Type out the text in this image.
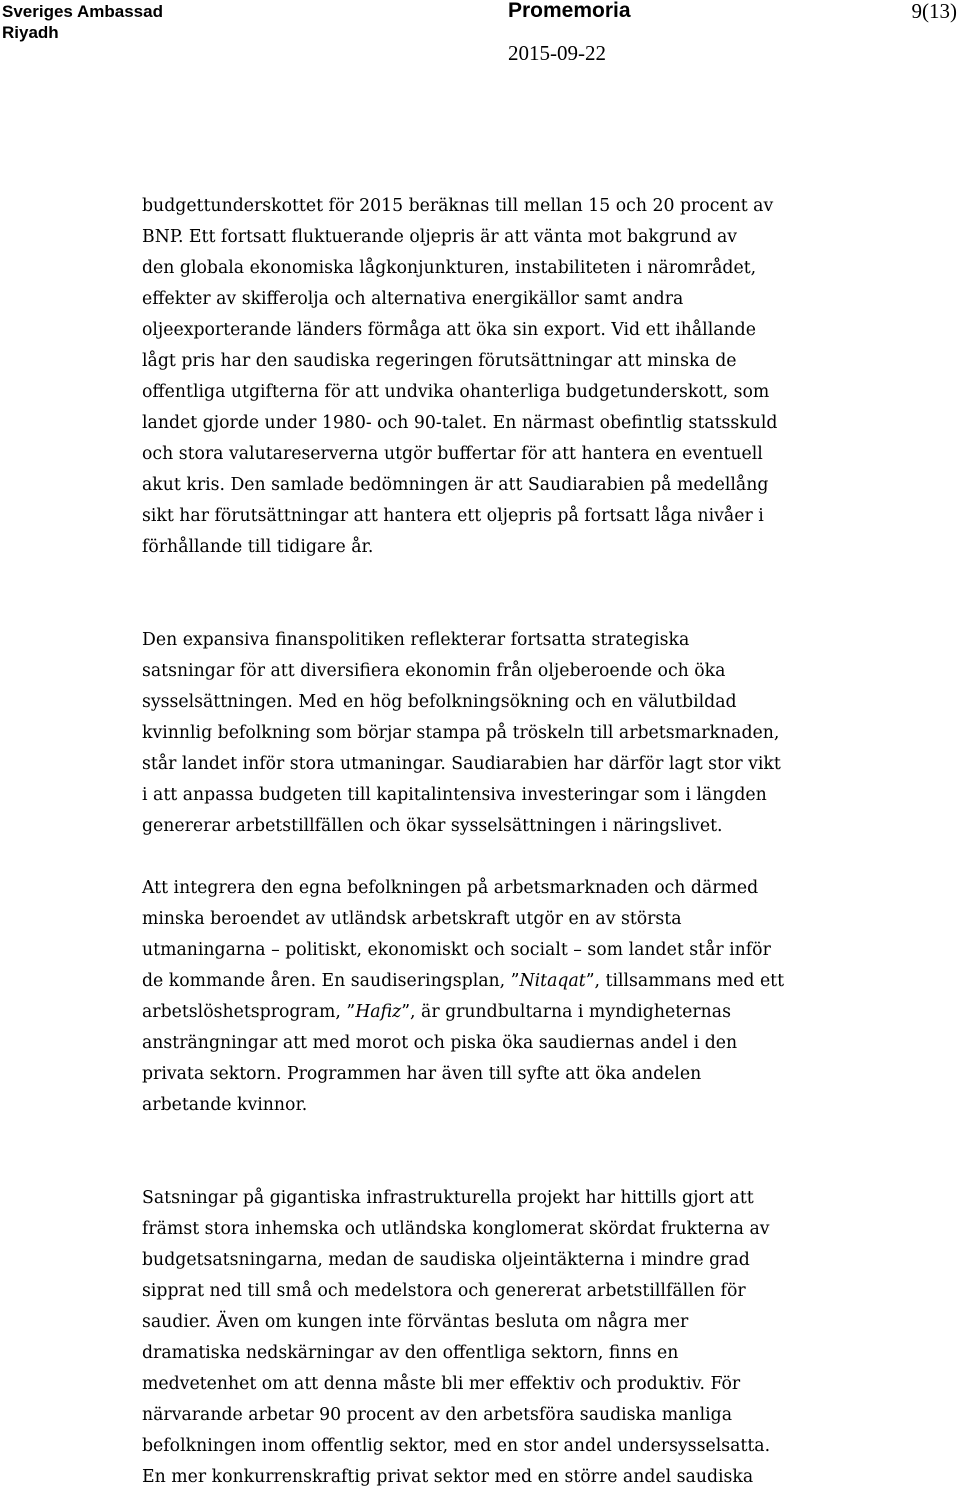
Sveriges Ambassad
Riyadh
Promemoria
2015-09-22
9(13)

budgettunderskottet för 2015 beräknas till mellan 15 och 20 procent av
BNP. Ett fortsatt fluktuerande oljepris är att vänta mot bakgrund av
den globala ekonomiska lågkonjunkturen, instabiliteten i närområdet,
effekter av skifferolja och alternativa energikällor samt andra
oljeexporterande länders förmåga att öka sin export. Vid ett ihållande
lågt pris har den saudiska regeringen förutsättningar att minska de
offentliga utgifterna för att undvika ohanterliga budgetunderskott, som
landet gjorde under 1980- och 90-talet. En närmast obefintlig statsskuld
och stora valutareserverna utgör buffertar för att hantera en eventuell
akut kris. Den samlade bedömningen är att Saudiarabien på medellång
sikt har förutsättningar att hantera ett oljepris på fortsatt låga nivåer i
förhållande till tidigare år.

Den expansiva finanspolitiken reflekterar fortsatta strategiska
satsningar för att diversifiera ekonomin från oljeberoende och öka
sysselsättningen. Med en hög befolkningsökning och en välutbildad
kvinnlig befolkning som börjar stampa på tröskeln till arbetsmarknaden,
står landet inför stora utmaningar. Saudiarabien har därför lagt stor vikt
i att anpassa budgeten till kapitalintensiva investeringar som i längden
genererar arbetstillfällen och ökar sysselsättningen i näringslivet.

Att integrera den egna befolkningen på arbetsmarknaden och därmed
minska beroendet av utländsk arbetskraft utgör en av största
utmaningarna – politiskt, ekonomiskt och socialt – som landet står inför
de kommande åren. En saudiseringsplan, ”Nitaqat”, tillsammans med ett
arbetslöshetsprogram, ”Hafiz”, är grundbultarna i myndigheternas
ansträngningar att med morot och piska öka saudiernas andel i den
privata sektorn. Programmen har även till syfte att öka andelen
arbetande kvinnor.

Satsningar på gigantiska infrastrukturella projekt har hittills gjort att
främst stora inhemska och utländska konglomerat skördat frukterna av
budgetsatsningarna, medan de saudiska oljeintäkterna i mindre grad
sipprat ned till små och medelstora och genererat arbetstillfällen för
saudier. Även om kungen inte förväntas besluta om några mer
dramatiska nedskärningar av den offentliga sektorn, finns en
medvetenhet om att denna måste bli mer effektiv och produktiv. För
närvarande arbetar 90 procent av den arbetsföra saudiska manliga
befolkningen inom offentlig sektor, med en stor andel undersysselsatta.
En mer konkurrenskraftig privat sektor med en större andel saudiska
